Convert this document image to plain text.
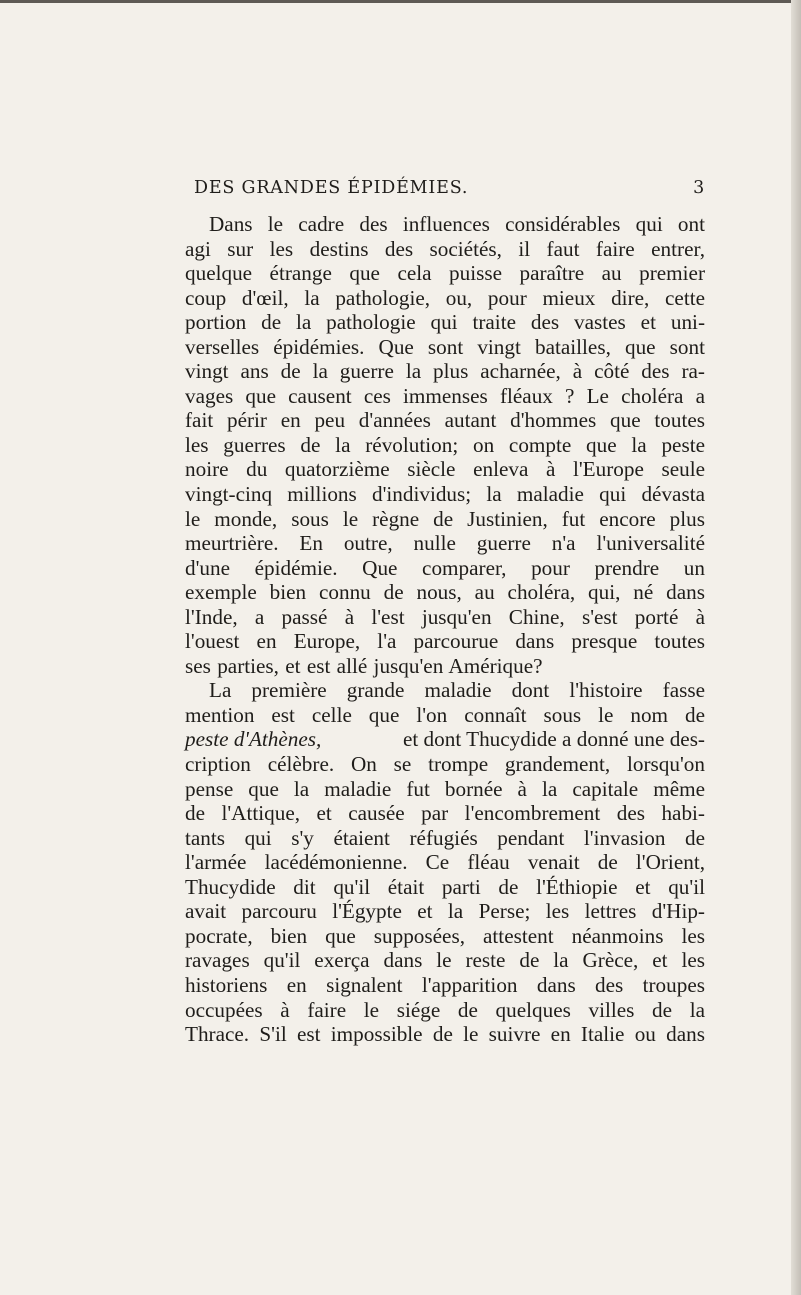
DES GRANDES ÉPIDÉMIES.	3
Dans le cadre des influences considérables qui ont
agi sur les destins des sociétés, il faut faire entrer,
quelque étrange que cela puisse paraître au premier
coup d'œil, la pathologie, ou, pour mieux dire, cette
portion de la pathologie qui traite des vastes et uni-
verselles épidémies. Que sont vingt batailles, que sont
vingt ans de la guerre la plus acharnée, à côté des ra-
vages que causent ces immenses fléaux ? Le choléra a
fait périr en peu d'années autant d'hommes que toutes
les guerres de la révolution; on compte que la peste
noire du quatorzième siècle enleva à l'Europe seule
vingt-cinq millions d'individus; la maladie qui dévasta
le monde, sous le règne de Justinien, fut encore plus
meurtrière. En outre, nulle guerre n'a l'universalité
d'une épidémie. Que comparer, pour prendre un
exemple bien connu de nous, au choléra, qui, né dans
l'Inde, a passé à l'est jusqu'en Chine, s'est porté à
l'ouest en Europe, l'a parcourue dans presque toutes
ses parties, et est allé jusqu'en Amérique?
La première grande maladie dont l'histoire fasse
mention est celle que l'on connaît sous le nom de
peste d'Athènes,	et dont Thucydide a donné une des-
cription célèbre. On se trompe grandement, lorsqu'on
pense que la maladie fut bornée à la capitale même
de l'Attique, et causée par l'encombrement des habi-
tants qui s'y étaient réfugiés pendant l'invasion de
l'armée lacédémonienne. Ce fléau venait de l'Orient,
Thucydide dit qu'il était parti de l'Éthiopie et qu'il
avait parcouru l'Égypte et la Perse; les lettres d'Hip-
pocrate, bien que supposées, attestent néanmoins les
ravages qu'il exerça dans le reste de la Grèce, et les
historiens en signalent l'apparition dans des troupes
occupées à faire le siége de quelques villes de la
Thrace. S'il est impossible de le suivre en Italie ou dans
